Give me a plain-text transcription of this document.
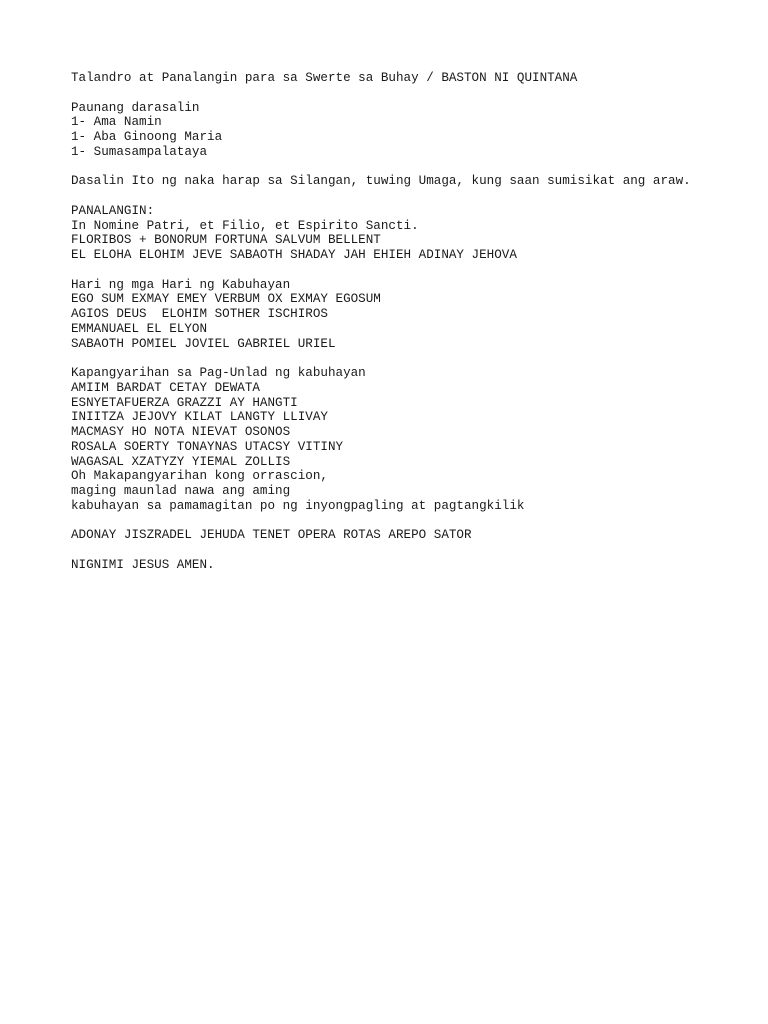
Talandro at Panalangin para sa Swerte sa Buhay / BASTON NI QUINTANA
Paunang darasalin
1- Ama Namin
1- Aba Ginoong Maria
1- Sumasampalataya
Dasalin Ito ng naka harap sa Silangan, tuwing Umaga, kung saan sumisikat ang araw.
PANALANGIN:
In Nomine Patri, et Filio, et Espirito Sancti.
FLORIBOS + BONORUM FORTUNA SALVUM BELLENT
EL ELOHA ELOHIM JEVE SABAOTH SHADAY JAH EHIEH ADINAY JEHOVA
Hari ng mga Hari ng Kabuhayan
EGO SUM EXMAY EMEY VERBUM OX EXMAY EGOSUM
AGIOS DEUS  ELOHIM SOTHER ISCHIROS
EMMANUAEL EL ELYON
SABAOTH POMIEL JOVIEL GABRIEL URIEL
Kapangyarihan sa Pag-Unlad ng kabuhayan
AMIIM BARDAT CETAY DEWATA
ESNYETAFUERZA GRAZZI AY HANGTI
INIITZA JEJOVY KILAT LANGTY LLIVAY
MACMASY HO NOTA NIEVAT OSONOS
ROSALA SOERTY TONAYNAS UTACSY VITINY
WAGASAL XZATYZY YIEMAL ZOLLIS
Oh Makapangyarihan kong orrascion,
maging maunlad nawa ang aming
kabuhayan sa pamamagitan po ng inyongpagling at pagtangkilik
ADONAY JISZRADEL JEHUDA TENET OPERA ROTAS AREPO SATOR
NIGNIMI JESUS AMEN.
